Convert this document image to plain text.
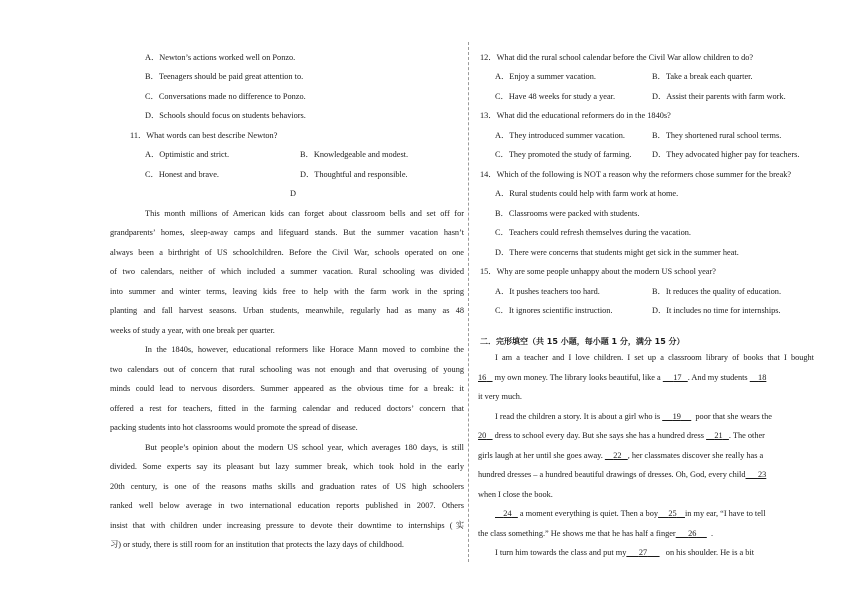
A．Newton’s actions worked well on Ponzo.
B．Teenagers should be paid great attention to.
C．Conversations made no difference to Ponzo.
D．Schools should focus on students behaviors.
11．What words can best describe Newton?
A．Optimistic and strict.	B．Knowledgeable and modest.
C．Honest and brave.	D．Thoughtful and responsible.
D
This month millions of American kids can forget about classroom bells and set off for
grandparents’ homes, sleep-away camps and lifeguard stands. But the summer vacation hasn’t
always been a birthright of US schoolchildren. Before the Civil War, schools operated on one
of two calendars, neither of which included a summer vacation. Rural schooling was divided
into summer and winter terms, leaving kids free to help with the farm work in the spring
planting and fall harvest seasons. Urban students, meanwhile, regularly had as many as 48
weeks of study a year, with one break per quarter.
In the 1840s, however, educational reformers like Horace Mann moved to combine the
two calendars out of concern that rural schooling was not enough and that overusing of young
minds could lead to nervous disorders. Summer appeared as the obvious time for a break: it
offered a rest for teachers, fitted in the farming calendar and reduced doctors’ concern that
packing students into hot classrooms would promote the spread of disease.
But people’s opinion about the modern US school year, which averages 180 days, is still
divided. Some experts say its pleasant but lazy summer break, which took hold in the early
20th century, is one of the reasons maths skills and graduation rates of US high schoolers
ranked well below average in two international education reports published in 2007. Others
insist that with children under increasing pressure to devote their downtime to internships (实
习) or study, there is still room for an institution that protects the lazy days of childhood.
12．What did the rural school calendar before the Civil War allow children to do?
A．Enjoy a summer vacation.	B．Take a break each quarter.
C．Have 48 weeks for study a year.	D．Assist their parents with farm work.
13．What did the educational reformers do in the 1840s?
A．They introduced summer vacation.	B．They shortened rural school terms.
C．They promoted the study of farming. D．They advocated higher pay for teachers.
14．Which of the following is NOT a reason why the reformers chose summer for the break?
A．Rural students could help with farm work at home.
B．Classrooms were packed with students.
C．Teachers could refresh themselves during the vacation.
D．There were concerns that students might get sick in the summer heat.
15．Why are some people unhappy about the modern US school year?
A．It pushes teachers too hard.	B．It reduces the quality of education.
C．It ignores scientific instruction.	D．It includes no time for internships.
二．完形填空（共 15 小题，每小题 1 分，满分 15 分）
I am a teacher and I love children. I set up a classroom library of books that I bought
16 my own money. The library looks beautiful, like a 17 . And my students 18
it very much.
I read the children a story. It is about a girl who is 19 poor that she wears the
20 dress to school every day. But she says she has a hundred dress 21 . The other
girls laugh at her until she goes away. 22 , her classmates discover she really has a
hundred dresses – a hundred beautiful drawings of dresses. Oh, God, every child 23
when I close the book.
24 a moment everything is quiet. Then a boy 25 in my ear, “I have to tell
the class something.” He shows me that he has half a finger 26 .
I turn him towards the class and put my 27 on his shoulder. He is a bit
